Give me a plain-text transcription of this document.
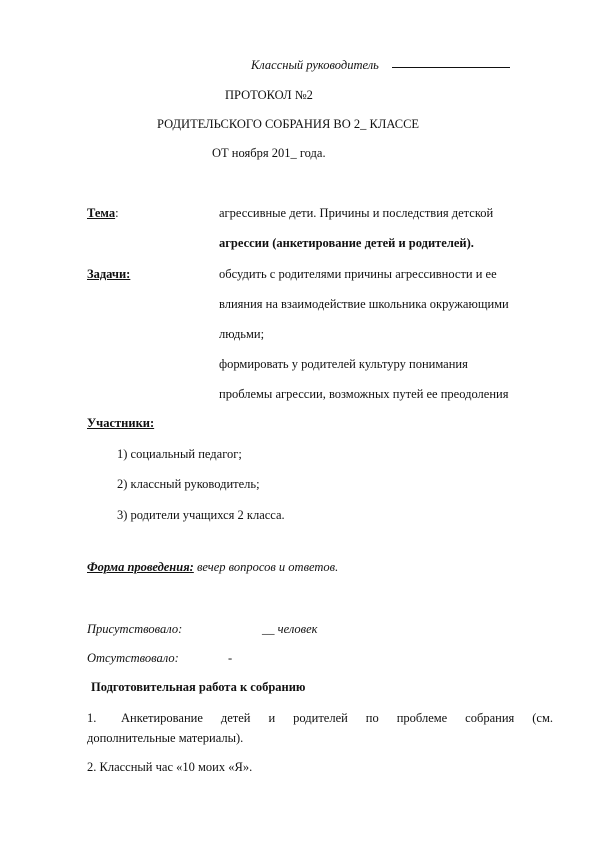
Классный руководитель
ПРОТОКОЛ №2
РОДИТЕЛЬСКОГО СОБРАНИЯ ВО 2_ КЛАССЕ
ОТ ноября 201_ года.
Тема:	агрессивные дети. Причины и последствия детской
агрессии (анкетирование детей и родителей).
Задачи:	обсудить с родителями причины агрессивности и ее
влияния на взаимодействие школьника окружающими
людьми;
формировать у родителей культуру понимания
проблемы агрессии, возможных путей ее преодоления
Участники:
1) социальный педагог;
2) классный руководитель;
3) родители учащихся 2 класса.
Форма проведения: вечер вопросов и ответов.
Присутствовало:	__ человек
Отсутствовало:	-
Подготовительная работа к собранию
1. Анкетирование детей и родителей по проблеме собрания (см.
дополнительные материалы).
2. Классный час «10 моих «Я».
